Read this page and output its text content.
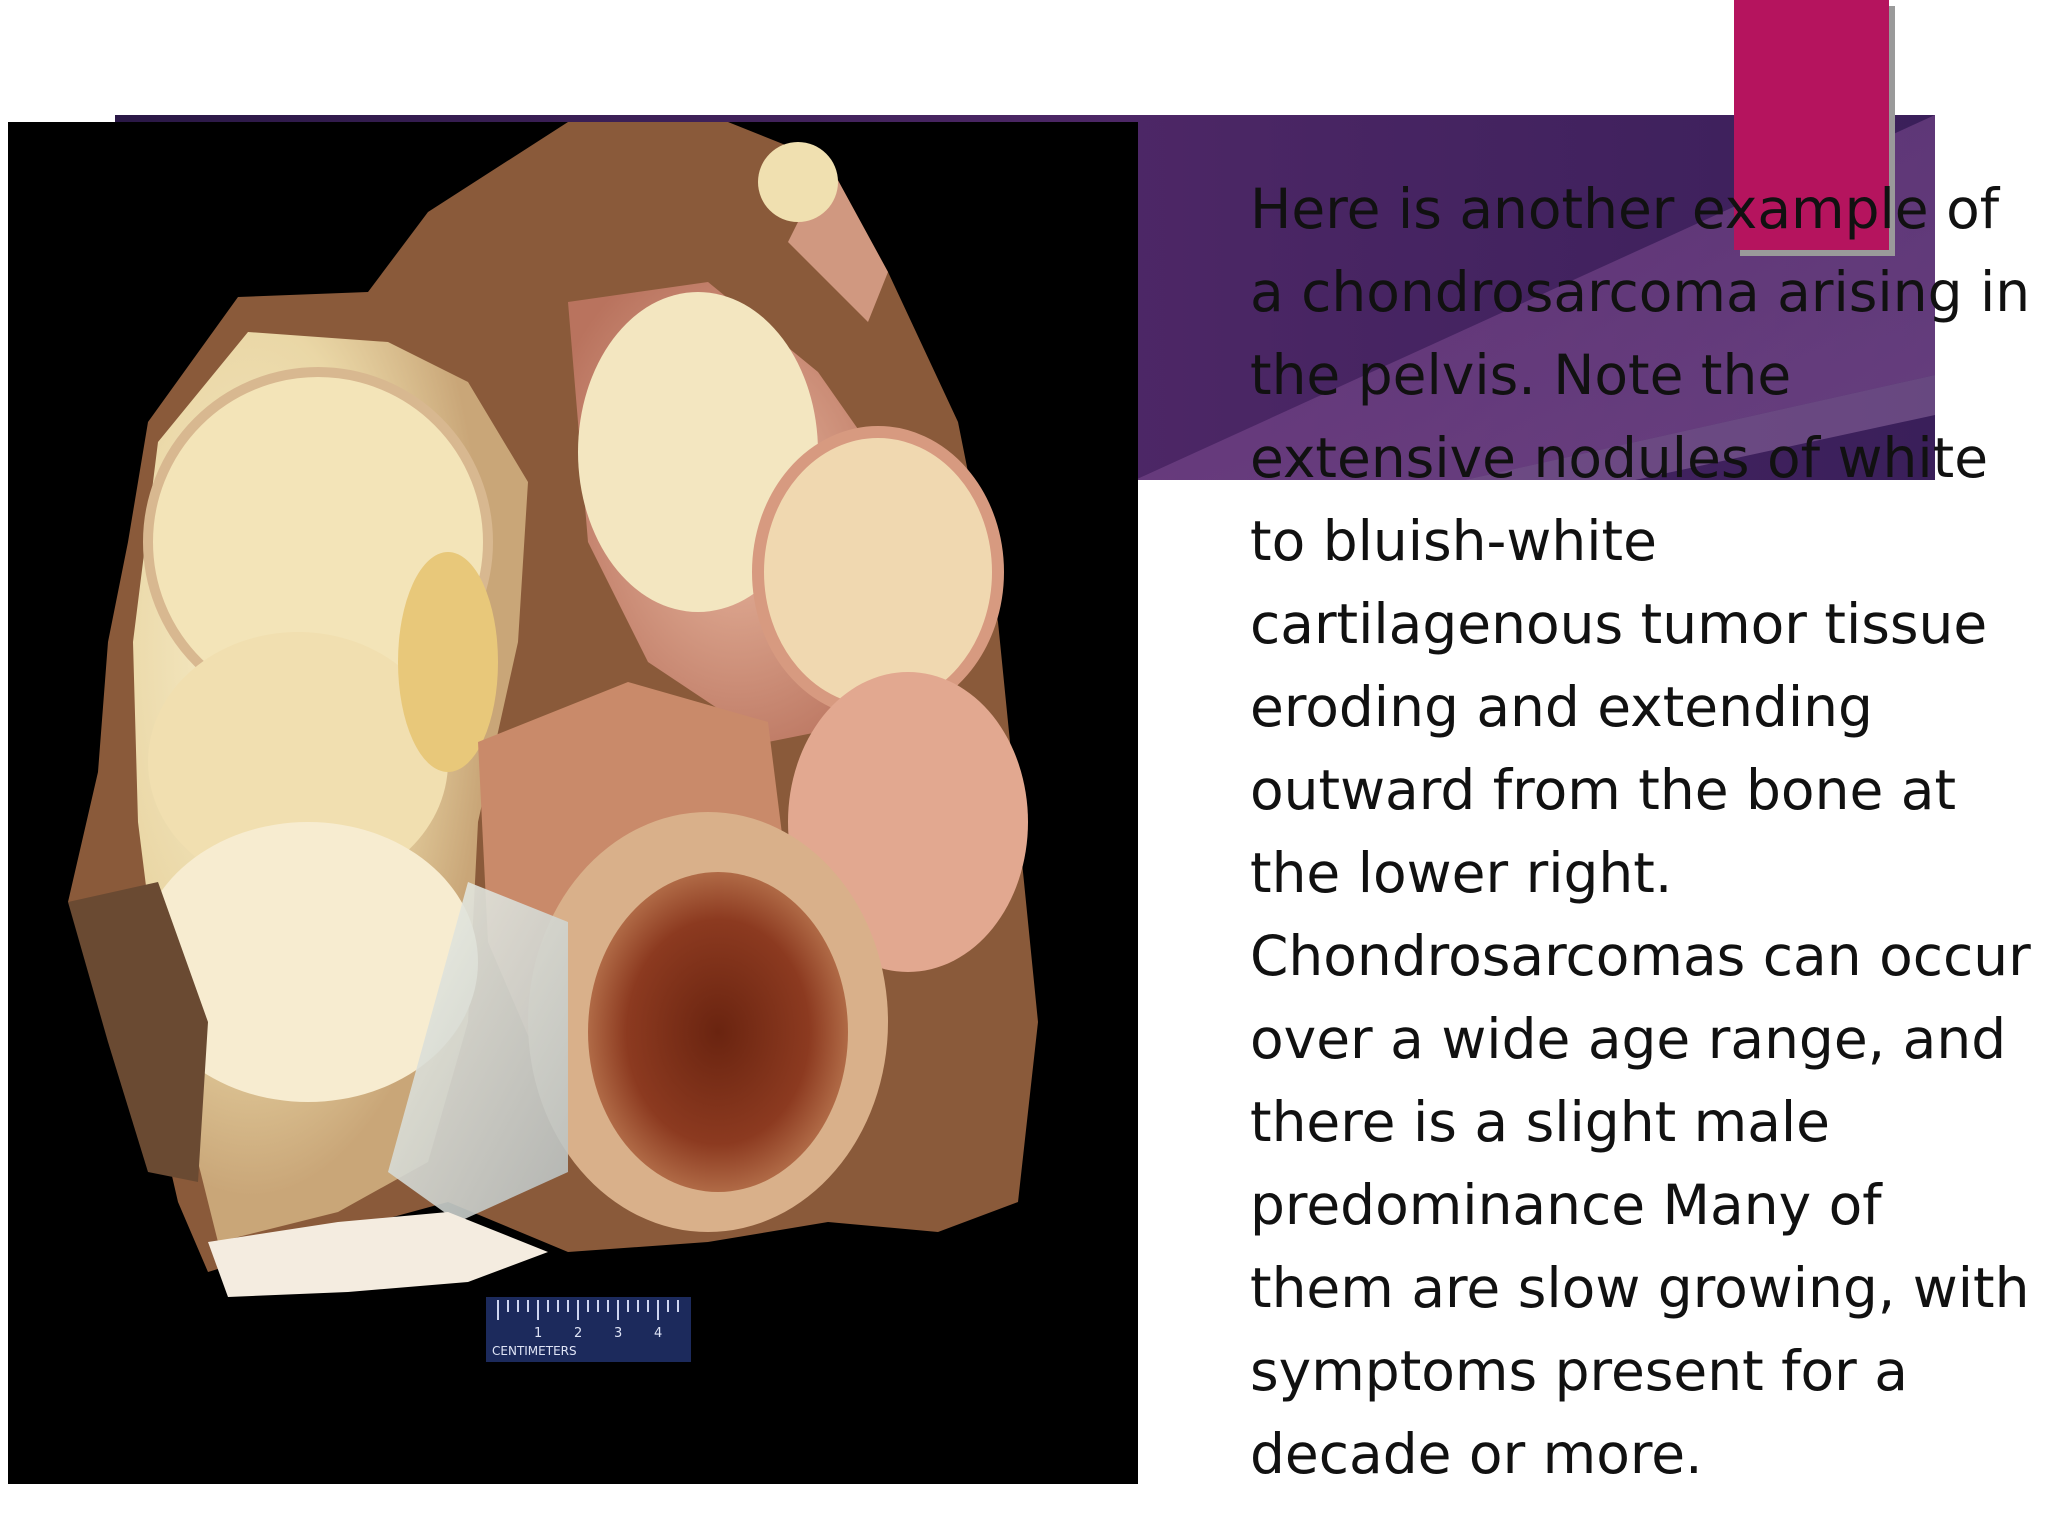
1 2 3 4
CENTIMETERS

Here is another example of a chondrosarcoma arising in the pelvis. Note the extensive nodules of white to bluish-white cartilagenous tumor tissue eroding and extending outward from the bone at the lower right. Chondrosarcomas can occur over a wide age range, and there is a slight male predominance Many of them are slow growing, with symptoms present for a decade or more.
